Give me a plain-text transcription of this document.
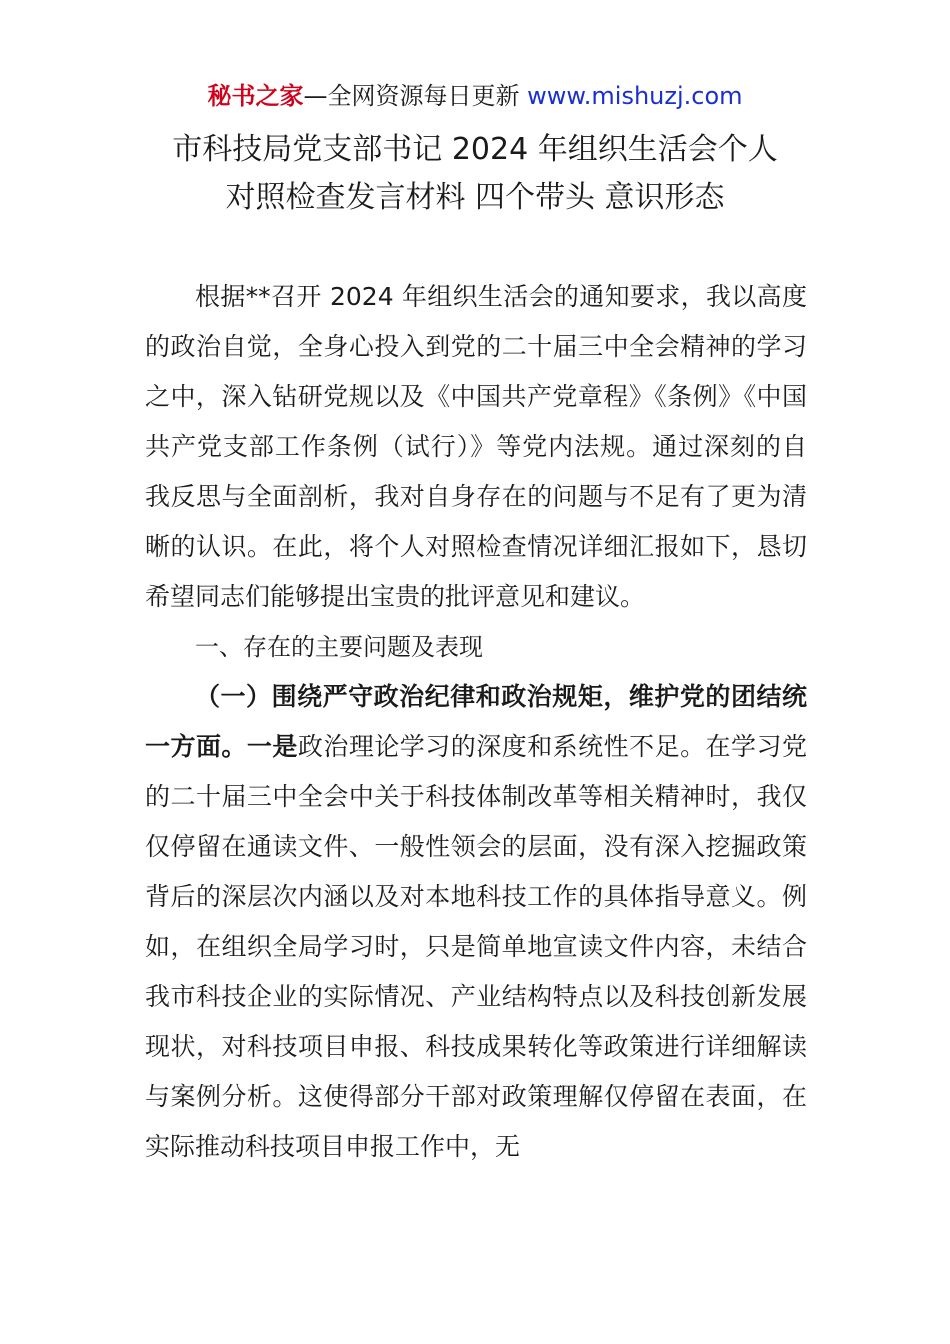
秘书之家—全网资源每日更新 www.mishuzj.com
市科技局党支部书记 2024 年组织生活会个人
对照检查发言材料 四个带头 意识形态

根据**召开 2024 年组织生活会的通知要求，我以高度的政治自觉，全身心投入到党的二十届三中全会精神的学习之中，深入钻研党规以及《中国共产党章程》《条例》《中国共产党支部工作条例（试行）》等党内法规。通过深刻的自我反思与全面剖析，我对自身存在的问题与不足有了更为清晰的认识。在此，将个人对照检查情况详细汇报如下，恳切希望同志们能够提出宝贵的批评意见和建议。

一、存在的主要问题及表现

（一）围绕严守政治纪律和政治规矩，维护党的团结统一方面。一是政治理论学习的深度和系统性不足。在学习党的二十届三中全会中关于科技体制改革等相关精神时，我仅仅停留在通读文件、一般性领会的层面，没有深入挖掘政策背后的深层次内涵以及对本地科技工作的具体指导意义。例如，在组织全局学习时，只是简单地宣读文件内容，未结合我市科技企业的实际情况、产业结构特点以及科技创新发展现状，对科技项目申报、科技成果转化等政策进行详细解读与案例分析。这使得部分干部对政策理解仅停留在表面，在实际推动科技项目申报工作中，无
